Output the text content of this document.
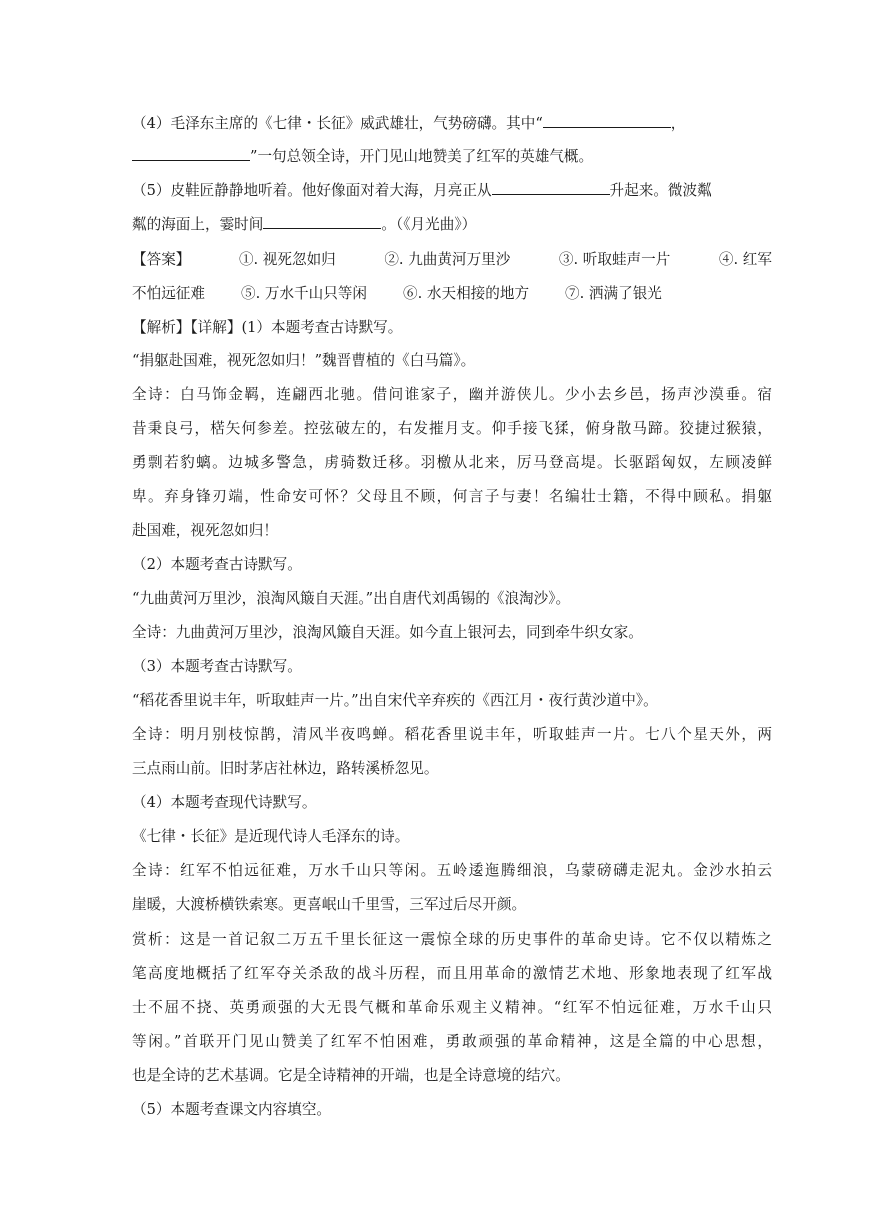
（4）毛泽东主席的《七律・长征》威武雄壮，气势磅礴。其中“	，
”一句总领全诗，开门见山地赞美了红军的英雄气概。
（5）皮鞋匠静静地听着。他好像面对着大海，月亮正从	升起来。微波粼
粼的海面上，霎时间	。（《月光曲》）
【答案】	①. 视死忽如归	②. 九曲黄河万里沙	③. 听取蛙声一片	④. 红军
不怕远征难 ⑤. 万水千山只等闲 ⑥. 水天相接的地方 ⑦. 洒满了银光
【解析】【详解】(1）本题考查古诗默写。
“捐躯赴国难，视死忽如归！”魏晋曹植的《白马篇》。
全诗：白马饰金羁，连翩西北驰。借问谁家子，幽并游侠儿。少小去乡邑，扬声沙漠垂。宿
昔秉良弓，楛矢何参差。控弦破左的，右发摧月支。仰手接飞猱，俯身散马蹄。狡捷过猴猿，
勇剽若豹螭。边城多警急，虏骑数迁移。羽檄从北来，厉马登高堤。长驱蹈匈奴，左顾凌鲜
卑。弃身锋刃端，性命安可怀？父母且不顾，何言子与妻！名编壮士籍，不得中顾私。捐躯
赴国难，视死忽如归！
（2）本题考查古诗默写。
“九曲黄河万里沙，浪淘风簸自天涯。”出自唐代刘禹锡的《浪淘沙》。
全诗：九曲黄河万里沙，浪淘风簸自天涯。如今直上银河去，同到牵牛织女家。
（3）本题考查古诗默写。
“稻花香里说丰年，听取蛙声一片。”出自宋代辛弃疾的《西江月・夜行黄沙道中》。
全诗：明月别枝惊鹊，清风半夜鸣蝉。稻花香里说丰年，听取蛙声一片。七八个星天外，两
三点雨山前。旧时茅店社林边，路转溪桥忽见。
（4）本题考查现代诗默写。
《七律・长征》是近现代诗人毛泽东的诗。
全诗：红军不怕远征难，万水千山只等闲。五岭逶迤腾细浪，乌蒙磅礴走泥丸。金沙水拍云
崖暖，大渡桥横铁索寒。更喜岷山千里雪，三军过后尽开颜。
赏析：这是一首记叙二万五千里长征这一震惊全球的历史事件的革命史诗。它不仅以精炼之
笔高度地概括了红军夺关杀敌的战斗历程，而且用革命的激情艺术地、形象地表现了红军战
士不屈不挠、英勇顽强的大无畏气概和革命乐观主义精神。“红军不怕远征难，万水千山只
等闲。”首联开门见山赞美了红军不怕困难，勇敢顽强的革命精神，这是全篇的中心思想，
也是全诗的艺术基调。它是全诗精神的开端，也是全诗意境的结穴。
（5）本题考查课文内容填空。
